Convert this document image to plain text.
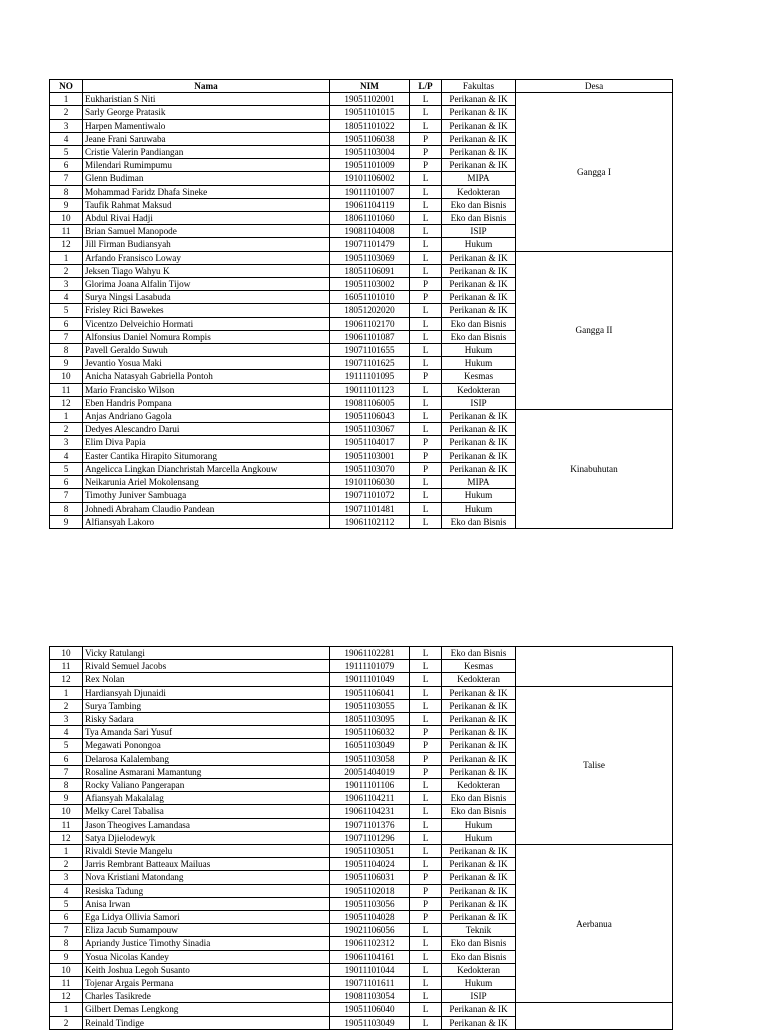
NO	Nama	NIM	L/P	Fakultas	Desa
1	Eukharistian S Niti	19051102001	L	Perikanan & IK	Gangga I
2	Sarly George Pratasik	19051101015	L	Perikanan & IK	
3	Harpen Mamentiwalo	18051101022	L	Perikanan & IK	
4	Jeane Frani Saruwaba	19051106038	P	Perikanan & IK	
5	Cristie Valerin Pandiangan	19051103004	P	Perikanan & IK	
6	Milendari Rumimpumu	19051101009	P	Perikanan & IK	
7	Glenn Budiman	19101106002	L	MIPA	
8	Mohammad Faridz Dhafa Sineke	19011101007	L	Kedokteran	
9	Taufik Rahmat Maksud	19061104119	L	Eko dan Bisnis	
10	Abdul Rivai Hadji	18061101060	L	Eko dan Bisnis	
11	Brian Samuel Manopode	19081104008	L	ISIP	
12	Jill Firman Budiansyah	19071101479	L	Hukum	
1	Arfando Fransisco Loway	19051103069	L	Perikanan & IK	Gangga II
2	Jeksen Tiago Wahyu K	18051106091	L	Perikanan & IK	
3	Glorima Joana Alfalin Tijow	19051103002	P	Perikanan & IK	
4	Surya Ningsi Lasabuda	16051101010	P	Perikanan & IK	
5	Frisley Rici Bawekes	18051202020	L	Perikanan & IK	
6	Vicentzo Delveichio Hormati	19061102170	L	Eko dan Bisnis	
7	Alfonsius Daniel Nomura Rompis	19061101087	L	Eko dan Bisnis	
8	Pavell Geraldo Suwuh	19071101655	L	Hukum	
9	Jevantio Yosua Maki	19071101625	L	Hukum	
10	Anicha Natasyah Gabriella Pontoh	19111101095	P	Kesmas	
11	Mario Francisko Wilson	19011101123	L	Kedokteran	
12	Eben Handris Pompana	19081106005	L	ISIP	
1	Anjas Andriano Gagola	19051106043	L	Perikanan & IK	Kinabuhutan
2	Dedyes Alescandro Darui	19051103067	L	Perikanan & IK	
3	Elim Diva Papia	19051104017	P	Perikanan & IK	
4	Easter Cantika Hirapito Situmorang	19051103001	P	Perikanan & IK	
5	Angelicca Lingkan Dianchristah Marcella Angkouw	19051103070	P	Perikanan & IK	
6	Neikarunia Ariel Mokolensang	19101106030	L	MIPA	
7	Timothy Juniver Sambuaga	19071101072	L	Hukum	
8	Johnedi Abraham Claudio Pandean	19071101481	L	Hukum	
9	Alfiansyah Lakoro	19061102112	L	Eko dan Bisnis	
10	Vicky Ratulangi	19061102281	L	Eko dan Bisnis	
11	Rivald Semuel Jacobs	19111101079	L	Kesmas	
12	Rex Nolan	19011101049	L	Kedokteran	
1	Hardiansyah Djunaidi	19051106041	L	Perikanan & IK	Talise
2	Surya Tambing	19051103055	L	Perikanan & IK	
3	Risky Sadara	18051103095	L	Perikanan & IK	
4	Tya Amanda Sari Yusuf	19051106032	P	Perikanan & IK	
5	Megawati Ponongoa	16051103049	P	Perikanan & IK	
6	Delarosa Kalalembang	19051103058	P	Perikanan & IK	
7	Rosaline Asmarani Mamantung	20051404019	P	Perikanan & IK	
8	Rocky Valiano Pangerapan	19011101106	L	Kedokteran	
9	Afiansyah Makalalag	19061104211	L	Eko dan Bisnis	
10	Melky Carel Tabalisa	19061104231	L	Eko dan Bisnis	
11	Jason Theogives Lamandasa	19071101376	L	Hukum	
12	Satya Djielodewyk	19071101296	L	Hukum	
1	Rivaldi Stevie Mangelu	19051103051	L	Perikanan & IK	Aerbanua
2	Jarris Rembrant Batteaux Mailuas	19051104024	L	Perikanan & IK	
3	Nova Kristiani Matondang	19051106031	P	Perikanan & IK	
4	Resiska Tadung	19051102018	P	Perikanan & IK	
5	Anisa Irwan	19051103056	P	Perikanan & IK	
6	Ega Lidya Ollivia Samori	19051104028	P	Perikanan & IK	
7	Eliza Jacub Sumampouw	19021106056	L	Teknik	
8	Apriandy Justice Timothy Sinadia	19061102312	L	Eko dan Bisnis	
9	Yosua Nicolas Kandey	19061104161	L	Eko dan Bisnis	
10	Keith Joshua Legoh Susanto	19011101044	L	Kedokteran	
11	Tojenar Argais Permana	19071101611	L	Hukum	
12	Charles Tasikrede	19081103054	L	ISIP	
1	Gilbert Demas Lengkong	19051106040	L	Perikanan & IK	
2	Reinald Tindige	19051103049	L	Perikanan & IK	
